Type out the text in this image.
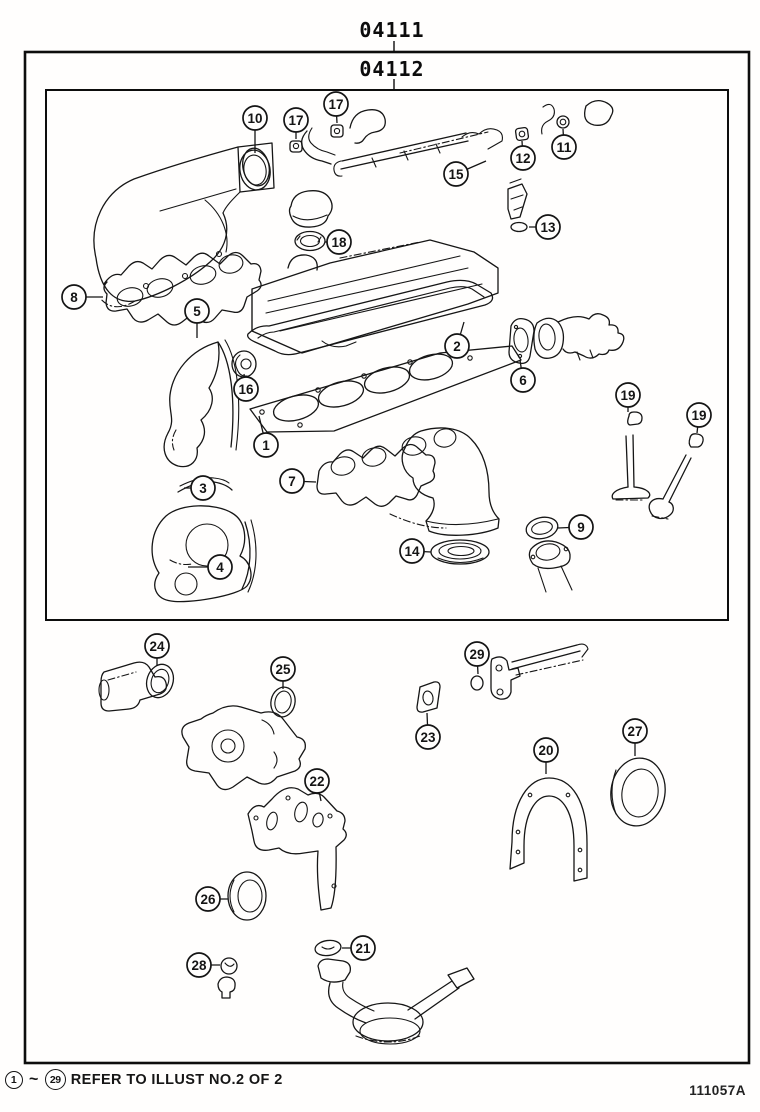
04111
04112
10 17
17
12
11
15
13
18
8
2
6
5
16
1
3
4
7
19
19
9
14
24
25
29
23
22
20
27
26
21
28
1 ~	29 REFER TO ILLUST NO.2 OF 2
111057A
